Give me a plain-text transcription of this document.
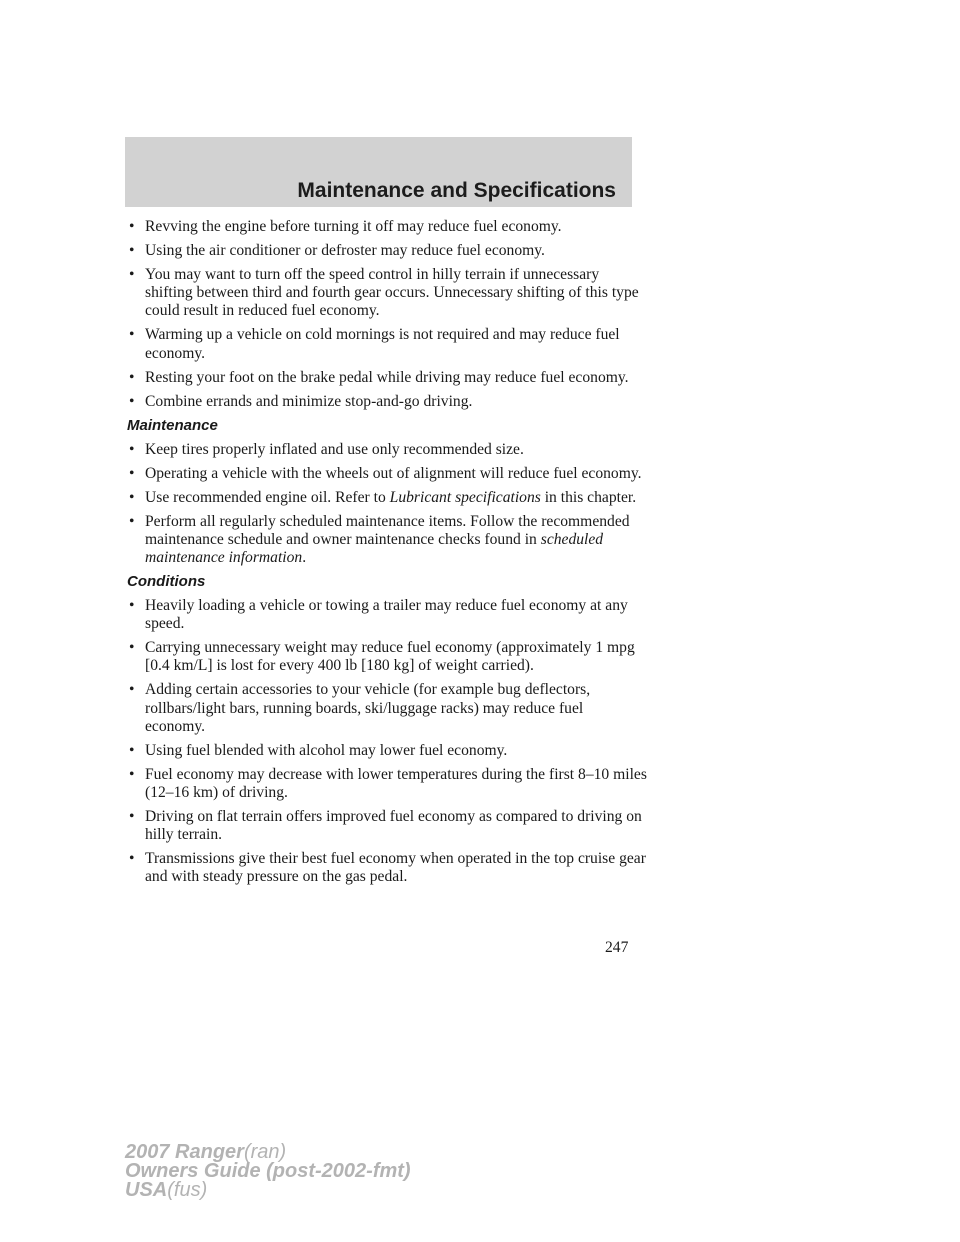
Maintenance and Specifications
• Revving the engine before turning it off may reduce fuel economy.
• Using the air conditioner or defroster may reduce fuel economy.
• You may want to turn off the speed control in hilly terrain if unnecessary shifting between third and fourth gear occurs. Unnecessary shifting of this type could result in reduced fuel economy.
• Warming up a vehicle on cold mornings is not required and may reduce fuel economy.
• Resting your foot on the brake pedal while driving may reduce fuel economy.
• Combine errands and minimize stop-and-go driving.
Maintenance
• Keep tires properly inflated and use only recommended size.
• Operating a vehicle with the wheels out of alignment will reduce fuel economy.
• Use recommended engine oil. Refer to Lubricant specifications in this chapter.
• Perform all regularly scheduled maintenance items. Follow the recommended maintenance schedule and owner maintenance checks found in scheduled maintenance information.
Conditions
• Heavily loading a vehicle or towing a trailer may reduce fuel economy at any speed.
• Carrying unnecessary weight may reduce fuel economy (approximately 1 mpg [0.4 km/L] is lost for every 400 lb [180 kg] of weight carried).
• Adding certain accessories to your vehicle (for example bug deflectors, rollbars/light bars, running boards, ski/luggage racks) may reduce fuel economy.
• Using fuel blended with alcohol may lower fuel economy.
• Fuel economy may decrease with lower temperatures during the first 8–10 miles (12–16 km) of driving.
• Driving on flat terrain offers improved fuel economy as compared to driving on hilly terrain.
• Transmissions give their best fuel economy when operated in the top cruise gear and with steady pressure on the gas pedal.
247
2007 Ranger(ran)
Owners Guide (post-2002-fmt)
USA(fus)
